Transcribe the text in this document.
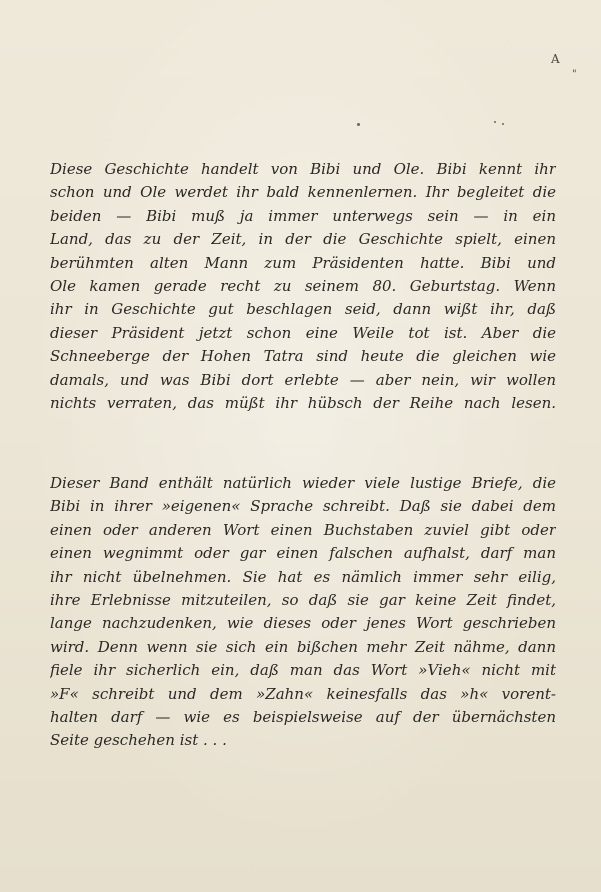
A
"
Diese Geschichte handelt von Bibi und Ole. Bibi kennt ihr
schon und Ole werdet ihr bald kennenlernen. Ihr begleitet die
beiden — Bibi muß ja immer unterwegs sein — in ein
Land, das zu der Zeit, in der die Geschichte spielt, einen
berühmten alten Mann zum Präsidenten hatte. Bibi und
Ole kamen gerade recht zu seinem 80. Geburtstag. Wenn
ihr in Geschichte gut beschlagen seid, dann wißt ihr, daß
dieser Präsident jetzt schon eine Weile tot ist. Aber die
Schneeberge der Hohen Tatra sind heute die gleichen wie
damals, und was Bibi dort erlebte — aber nein, wir wollen
nichts verraten, das müßt ihr hübsch der Reihe nach lesen.
Dieser Band enthält natürlich wieder viele lustige Briefe, die
Bibi in ihrer »eigenen« Sprache schreibt. Daß sie dabei dem
einen oder anderen Wort einen Buchstaben zuviel gibt oder
einen wegnimmt oder gar einen falschen aufhalst, darf man
ihr nicht übelnehmen. Sie hat es nämlich immer sehr eilig,
ihre Erlebnisse mitzuteilen, so daß sie gar keine Zeit findet,
lange nachzudenken, wie dieses oder jenes Wort geschrieben
wird. Denn wenn sie sich ein bißchen mehr Zeit nähme, dann
fiele ihr sicherlich ein, daß man das Wort »Vieh« nicht mit
»F« schreibt und dem »Zahn« keinesfalls das »h« vorent-
halten darf — wie es beispielsweise auf der übernächsten
Seite geschehen ist . . .
